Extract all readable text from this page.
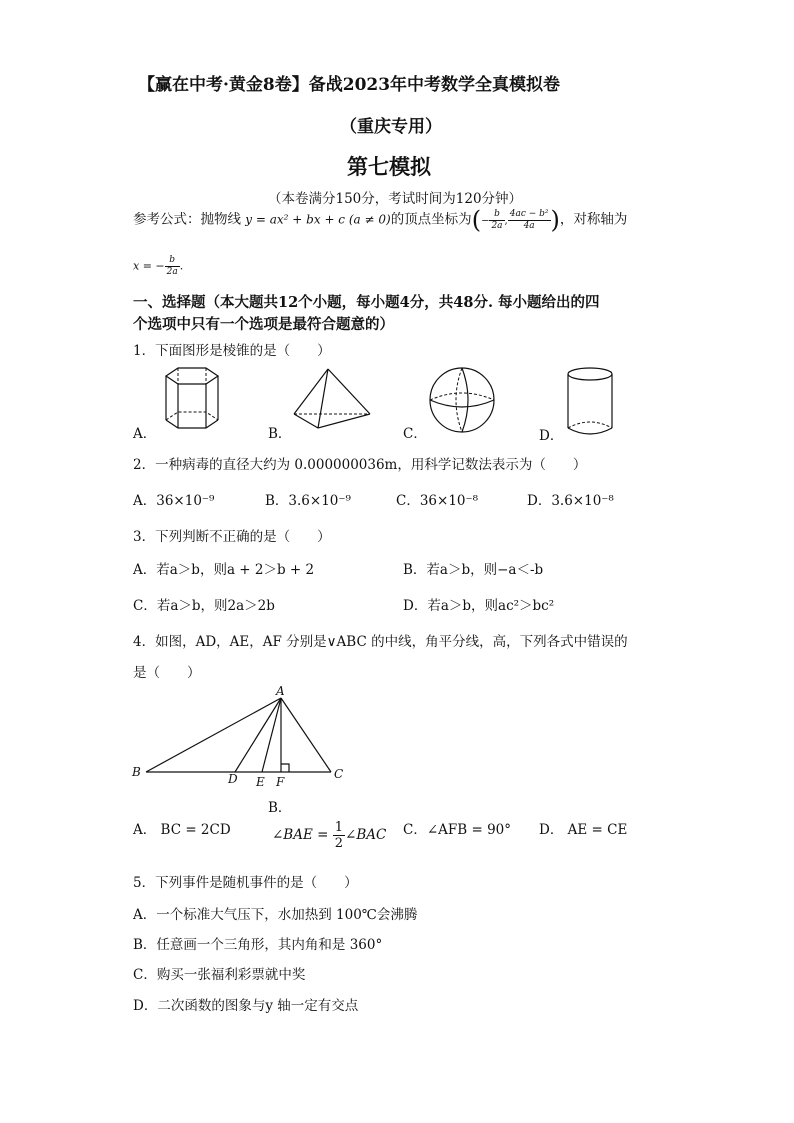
【赢在中考·黄金8卷】备战2023年中考数学全真模拟卷
（重庆专用）
第七模拟
（本卷满分150分，考试时间为120分钟）
参考公式：抛物线 y = ax² + bx + c (a ≠ 0)的顶点坐标为(− $\frac{b}{2a}$ , $\frac{\text{4ac − b²}}{4a}$ )，对称轴为
x = − $\frac{b}{2a}$ .
一、选择题（本大题共12个小题，每小题4分，共48分. 每小题给出的四
个选项中只有一个选项是最符合题意的）
1．下面图形是棱锥的是（　　）
A．	B．	C．	D．
2．一种病毒的直径大约为 0.000000036m，用科学记数法表示为（　　）
A．36×10⁻⁹	B．3.6×10⁻⁹	C．36×10⁻⁸	D．3.6×10⁻⁸
3．下列判断不正确的是（　　）
A．若a＞b，则a + 2＞b + 2	B．若a＞b，则−a＜-b
C．若a＞b，则2a＞2b	D．若a＞b，则ac²＞bc²
4．如图，AD，AE，AF 分别是∨ABC 的中线，角平分线，高，下列各式中错误的
是（　　）
A
B	D E F
C
B．
A． BC = 2CD	∠BAE = $\frac{1}{2}$ ∠BAC C．∠AFB = 90° D． AE = CE
5．下列事件是随机事件的是（　　）
A．一个标准大气压下，水加热到 100℃会沸腾
B．任意画一个三角形，其内角和是 360°
C．购买一张福利彩票就中奖
D．二次函数的图象与y 轴一定有交点
